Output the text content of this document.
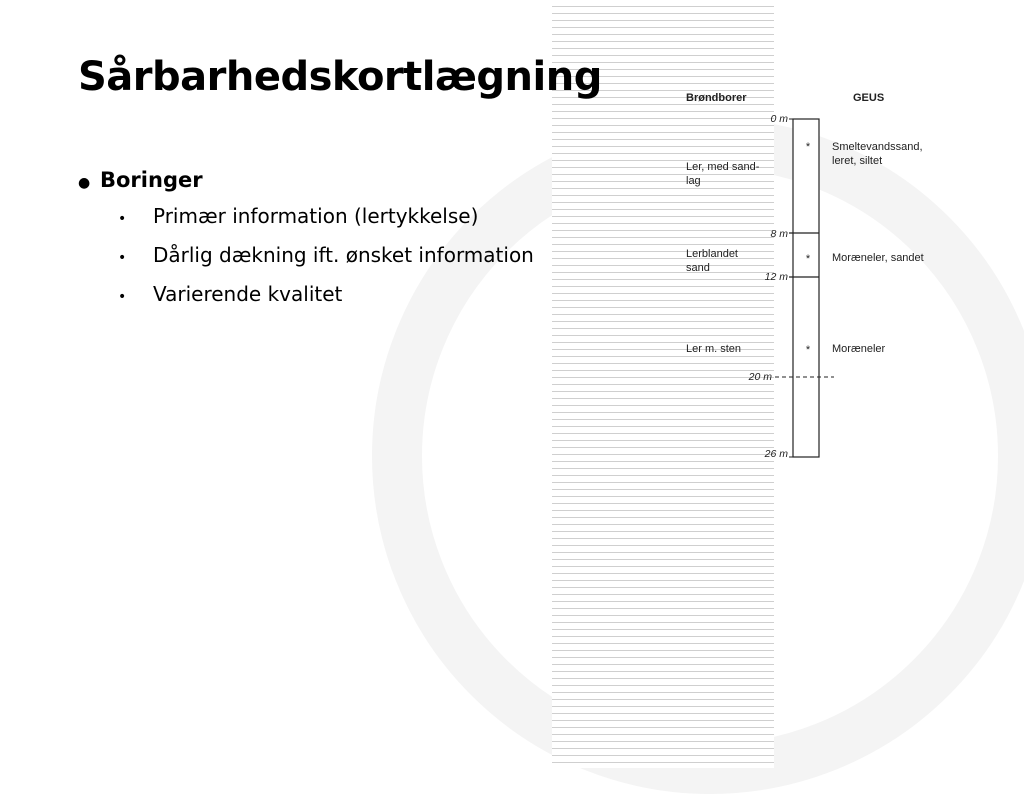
Sårbarhedskortlægning
● Boringer
•	Primær information (lertykkelse)
•	Dårlig dækning ift. ønsket information
•	Varierende kvalitet
Brøndborer	GEUS
0 m
8 m
12 m
20 m
26 m
Ler, med sand-
lag
Lerblandet
sand
Ler m. sten
*
*
*
Smeltevandssand,
leret, siltet
Moræneler, sandet
Moræneler
